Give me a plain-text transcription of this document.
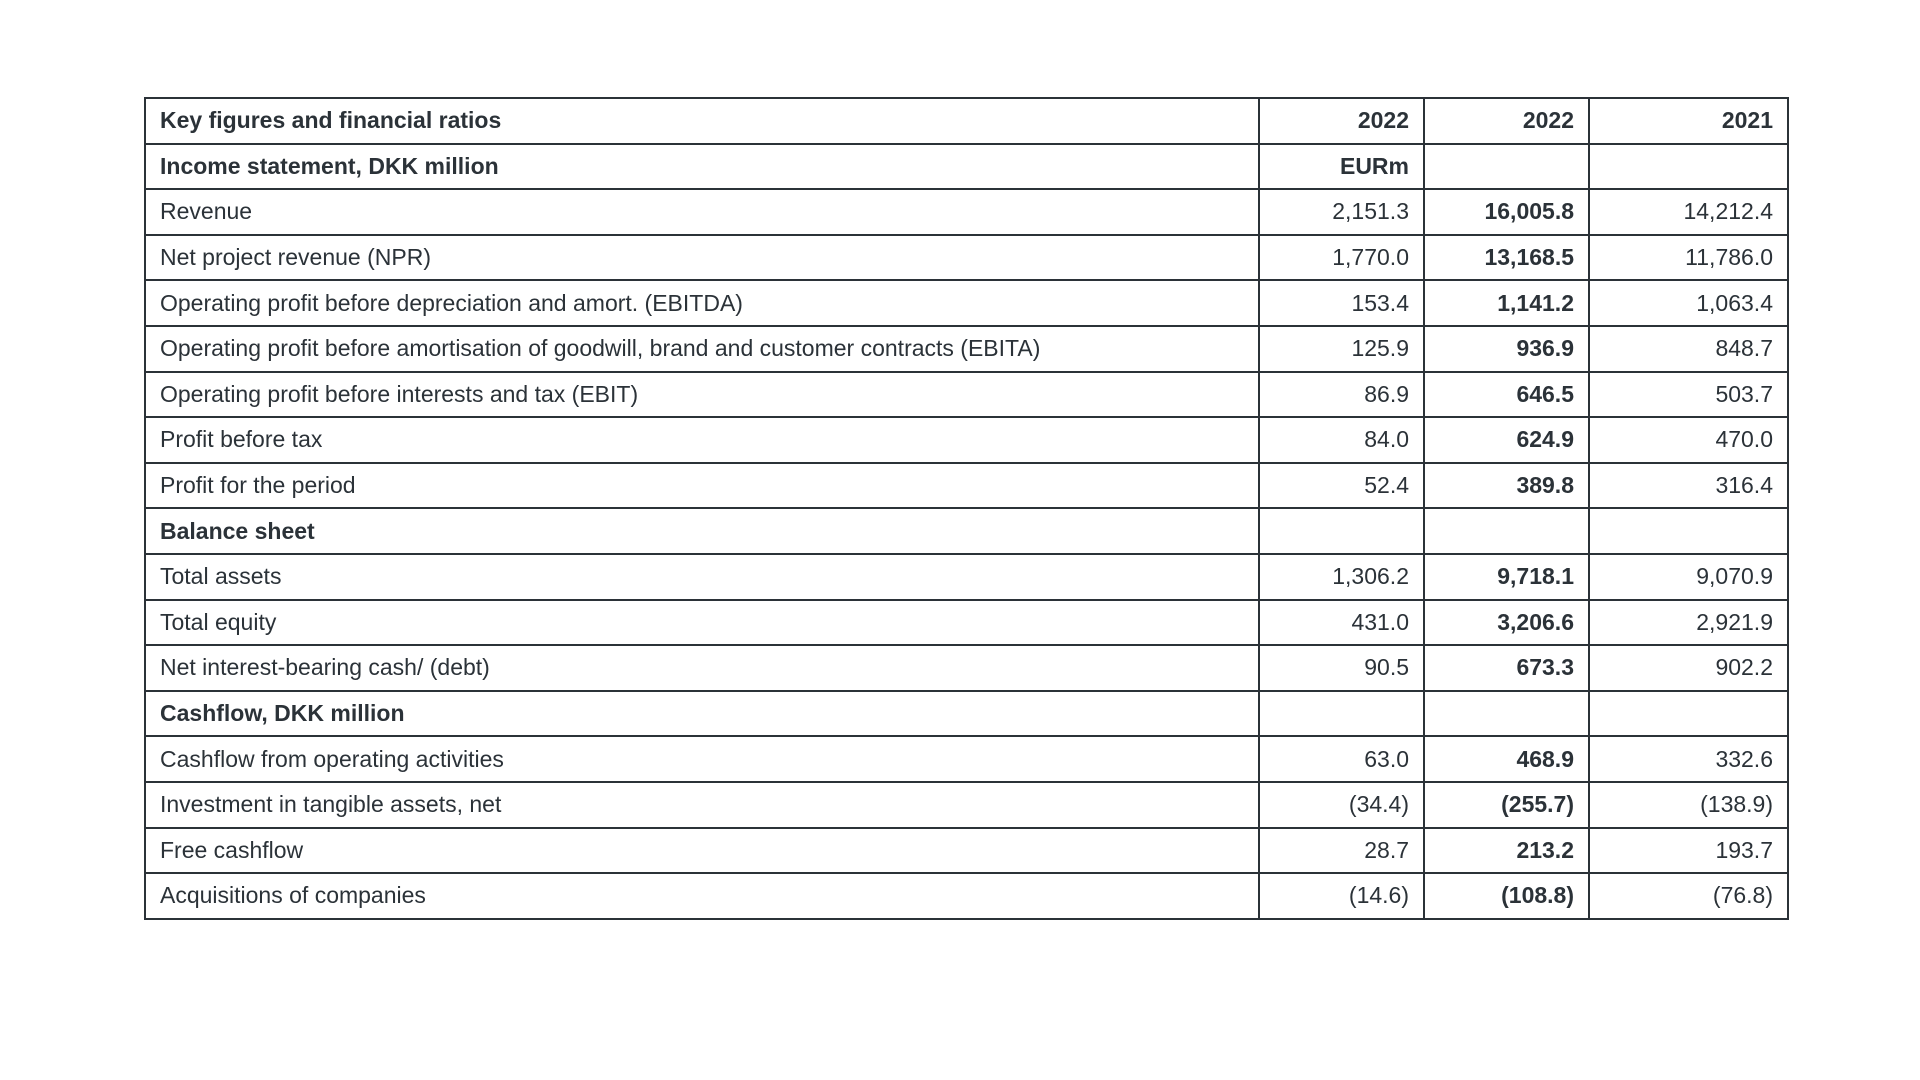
Key figures and financial ratios	2022	2022	2021
Income statement, DKK million	EURm		
Revenue	2,151.3	16,005.8	14,212.4
Net project revenue (NPR)	1,770.0	13,168.5	11,786.0
Operating profit before depreciation and amort. (EBITDA)	153.4	1,141.2	1,063.4
Operating profit before amortisation of goodwill, brand and customer contracts (EBITA)	125.9	936.9	848.7
Operating profit before interests and tax (EBIT)	86.9	646.5	503.7
Profit before tax	84.0	624.9	470.0
Profit for the period	52.4	389.8	316.4
Balance sheet			
Total assets	1,306.2	9,718.1	9,070.9
Total equity	431.0	3,206.6	2,921.9
Net interest-bearing cash/ (debt)	90.5	673.3	902.2
Cashflow, DKK million			
Cashflow from operating activities	63.0	468.9	332.6
Investment in tangible assets, net	(34.4)	(255.7)	(138.9)
Free cashflow	28.7	213.2	193.7
Acquisitions of companies	(14.6)	(108.8)	(76.8)
